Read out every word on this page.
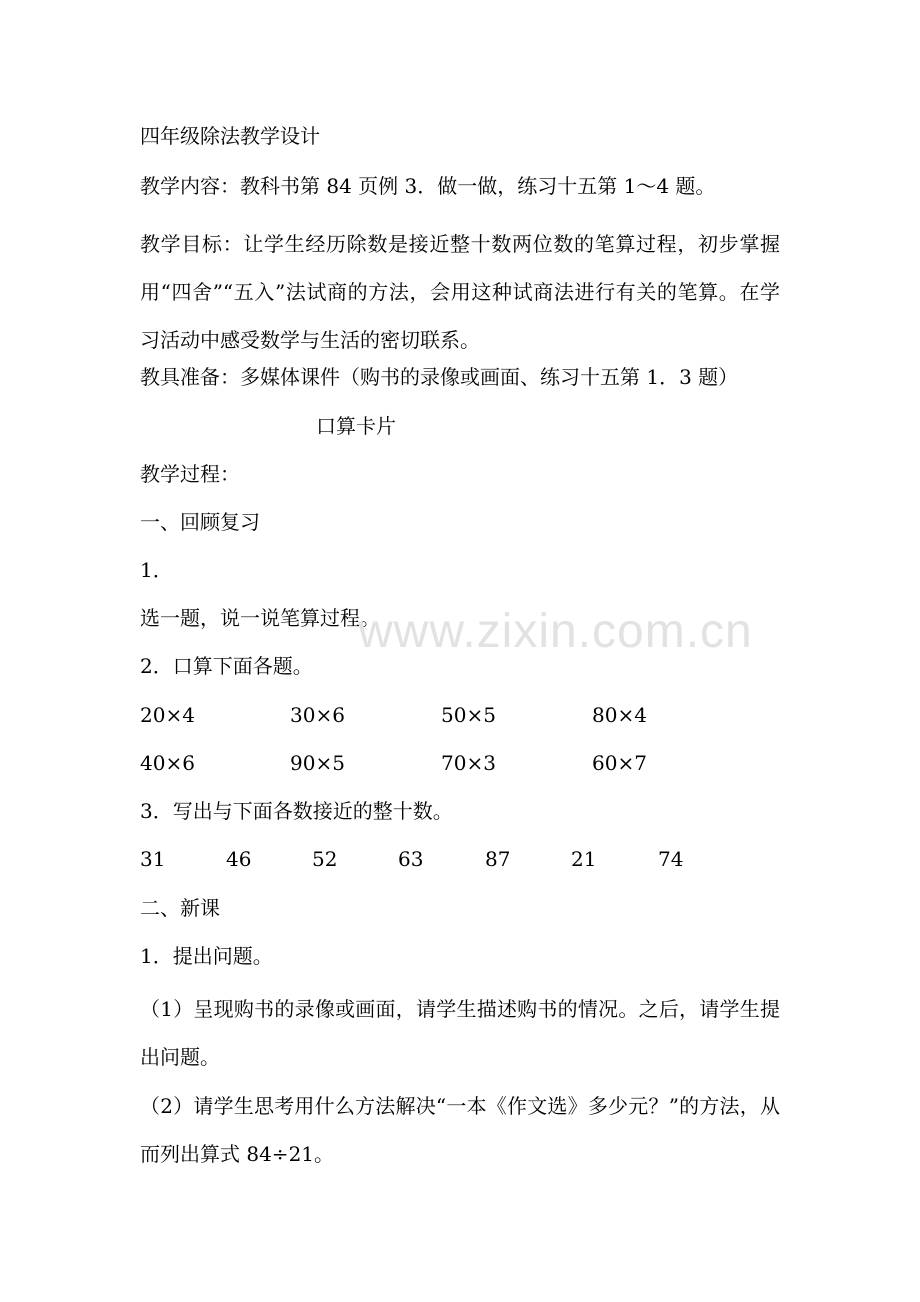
四年级除法教学设计
教学内容：教科书第 84 页例 3．做一做，练习十五第 1～4 题。
教学目标：让学生经历除数是接近整十数两位数的笔算过程，初步掌握用“四舍”“五入”法试商的方法，会用这种试商法进行有关的笔算。在学习活动中感受数学与生活的密切联系。
教具准备：多媒体课件（购书的录像或画面、练习十五第 1．3 题）
口算卡片
教学过程：
一、回顾复习
1．
选一题，说一说笔算过程。
2．口算下面各题。
20×4	30×6	50×5	80×4
40×6	90×5	70×3	60×7
3．写出与下面各数接近的整十数。
31	46	52	63	87	21	74
二、新课
1．提出问题。
（1）呈现购书的录像或画面，请学生描述购书的情况。之后，请学生提出问题。
（2）请学生思考用什么方法解决“一本《作文选》多少元？”的方法，从而列出算式 84÷21。
www.zixin.com.cn
